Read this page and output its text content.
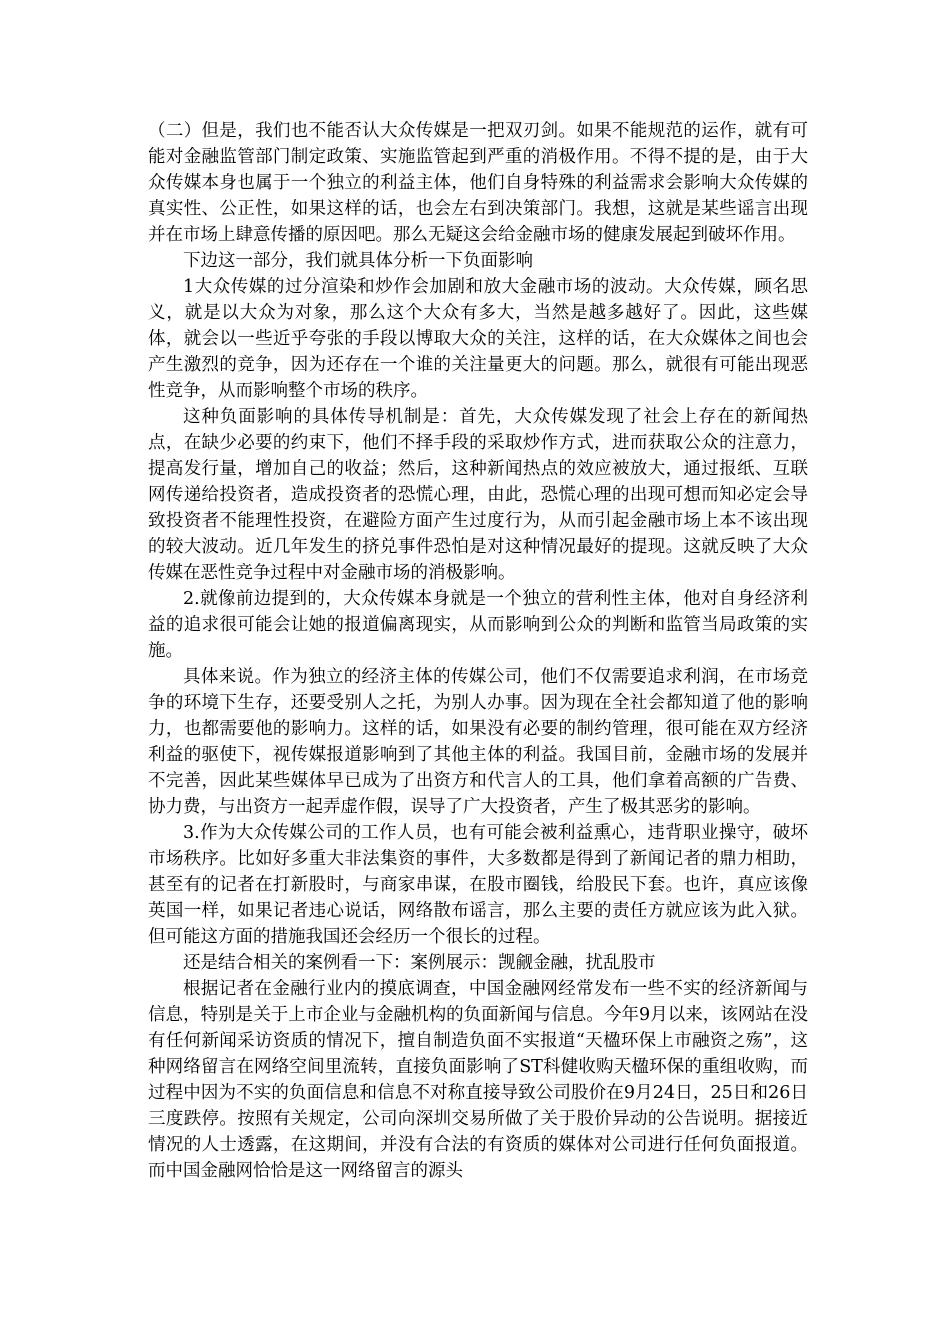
（二）但是，我们也不能否认大众传媒是一把双刃剑。如果不能规范的运作，就有可能对金融监管部门制定政策、实施监管起到严重的消极作用。不得不提的是，由于大众传媒本身也属于一个独立的利益主体，他们自身特殊的利益需求会影响大众传媒的真实性、公正性，如果这样的话，也会左右到决策部门。我想，这就是某些谣言出现并在市场上肆意传播的原因吧。那么无疑这会给金融市场的健康发展起到破坏作用。

下边这一部分，我们就具体分析一下负面影响

1大众传媒的过分渲染和炒作会加剧和放大金融市场的波动。大众传媒，顾名思义，就是以大众为对象，那么这个大众有多大，当然是越多越好了。因此，这些媒体，就会以一些近乎夸张的手段以博取大众的关注，这样的话，在大众媒体之间也会产生激烈的竞争，因为还存在一个谁的关注量更大的问题。那么，就很有可能出现恶性竞争，从而影响整个市场的秩序。

这种负面影响的具体传导机制是：首先，大众传媒发现了社会上存在的新闻热点，在缺少必要的约束下，他们不择手段的采取炒作方式，进而获取公众的注意力，提高发行量，增加自己的收益；然后，这种新闻热点的效应被放大，通过报纸、互联网传递给投资者，造成投资者的恐慌心理，由此，恐慌心理的出现可想而知必定会导致投资者不能理性投资，在避险方面产生过度行为，从而引起金融市场上本不该出现的较大波动。近几年发生的挤兑事件恐怕是对这种情况最好的提现。这就反映了大众传媒在恶性竞争过程中对金融市场的消极影响。

2.就像前边提到的，大众传媒本身就是一个独立的营利性主体，他对自身经济利益的追求很可能会让她的报道偏离现实，从而影响到公众的判断和监管当局政策的实施。

具体来说。作为独立的经济主体的传媒公司，他们不仅需要追求利润，在市场竞争的环境下生存，还要受别人之托，为别人办事。因为现在全社会都知道了他的影响力，也都需要他的影响力。这样的话，如果没有必要的制约管理，很可能在双方经济利益的驱使下，视传媒报道影响到了其他主体的利益。我国目前，金融市场的发展并不完善，因此某些媒体早已成为了出资方和代言人的工具，他们拿着高额的广告费、协力费，与出资方一起弄虚作假，误导了广大投资者，产生了极其恶劣的影响。

3.作为大众传媒公司的工作人员，也有可能会被利益熏心，违背职业操守，破坏市场秩序。比如好多重大非法集资的事件，大多数都是得到了新闻记者的鼎力相助，甚至有的记者在打新股时，与商家串谋，在股市圈钱，给股民下套。也许，真应该像英国一样，如果记者违心说话，网络散布谣言，那么主要的责任方就应该为此入狱。但可能这方面的措施我国还会经历一个很长的过程。

还是结合相关的案例看一下：案例展示：觊觎金融，扰乱股市

根据记者在金融行业内的摸底调查，中国金融网经常发布一些不实的经济新闻与信息，特别是关于上市企业与金融机构的负面新闻与信息。今年9月以来，该网站在没有任何新闻采访资质的情况下，擅自制造负面不实报道“天楹环保上市融资之殇”，这种网络留言在网络空间里流转，直接负面影响了ST科健收购天楹环保的重组收购，而过程中因为不实的负面信息和信息不对称直接导致公司股价在9月24日，25日和26日三度跌停。按照有关规定，公司向深圳交易所做了关于股价异动的公告说明。据接近情况的人士透露，在这期间，并没有合法的有资质的媒体对公司进行任何负面报道。而中国金融网恰恰是这一网络留言的源头
